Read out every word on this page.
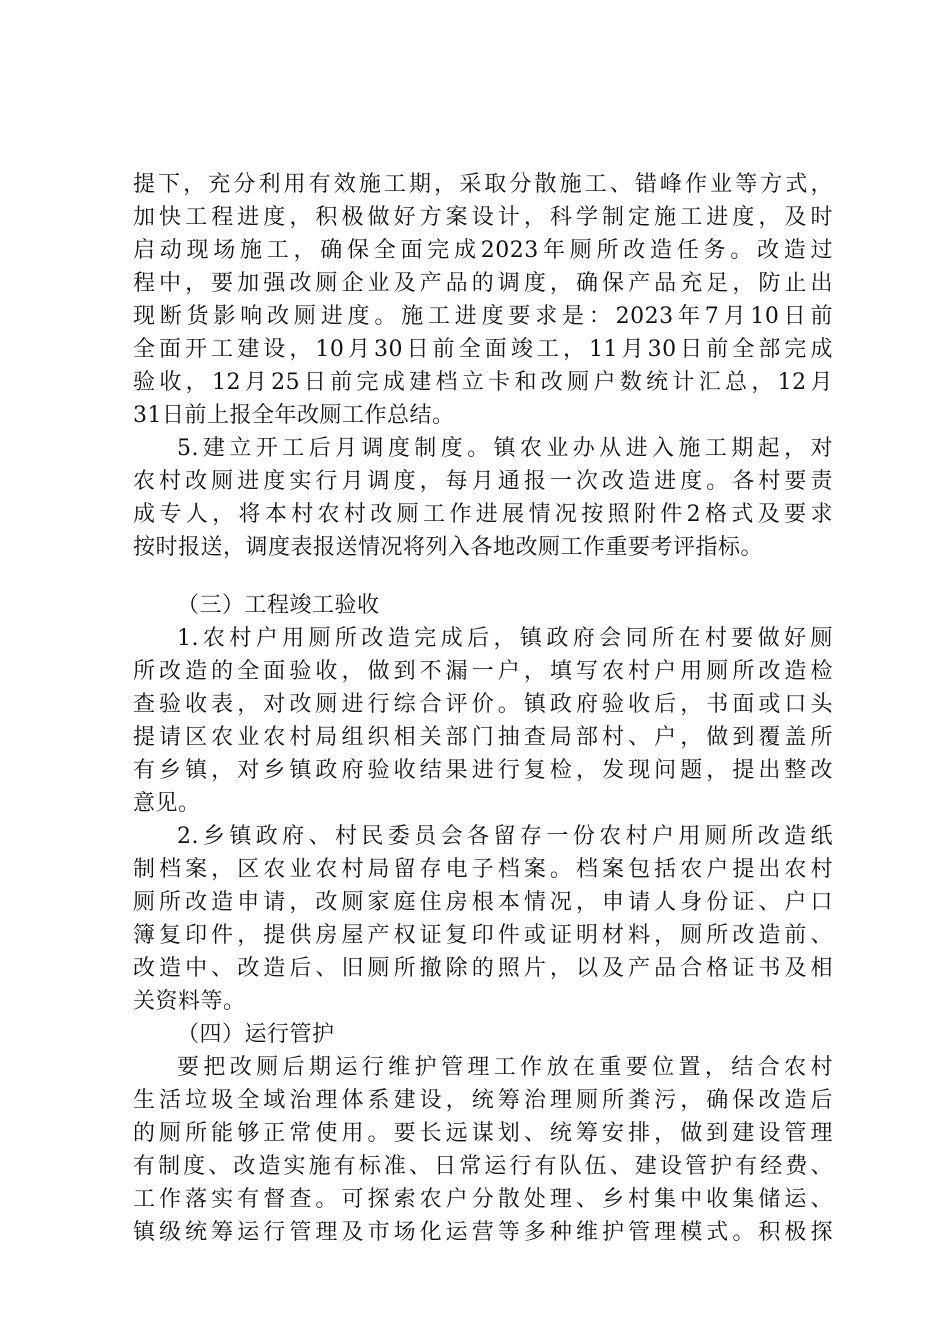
提下，充分利用有效施工期，采取分散施工、错峰作业等方式，
加快工程进度，积极做好方案设计，科学制定施工进度，及时
启动现场施工，确保全面完成2023年厕所改造任务。改造过
程中，要加强改厕企业及产品的调度，确保产品充足，防止出
现断货影响改厕进度。施工进度要求是：2023年7月10日前
全面开工建设，10月30日前全面竣工，11月30日前全部完成
验收，12月25日前完成建档立卡和改厕户数统计汇总，12月
31日前上报全年改厕工作总结。
5.建立开工后月调度制度。镇农业办从进入施工期起，对
农村改厕进度实行月调度，每月通报一次改造进度。各村要责
成专人，将本村农村改厕工作进展情况按照附件2格式及要求
按时报送，调度表报送情况将列入各地改厕工作重要考评指标。
（三）工程竣工验收
1.农村户用厕所改造完成后，镇政府会同所在村要做好厕
所改造的全面验收，做到不漏一户，填写农村户用厕所改造检
查验收表，对改厕进行综合评价。镇政府验收后，书面或口头
提请区农业农村局组织相关部门抽查局部村、户，做到覆盖所
有乡镇，对乡镇政府验收结果进行复检，发现问题，提出整改
意见。
2.乡镇政府、村民委员会各留存一份农村户用厕所改造纸
制档案，区农业农村局留存电子档案。档案包括农户提出农村
厕所改造申请，改厕家庭住房根本情况，申请人身份证、户口
簿复印件，提供房屋产权证复印件或证明材料，厕所改造前、
改造中、改造后、旧厕所撤除的照片，以及产品合格证书及相
关资料等。
（四）运行管护
要把改厕后期运行维护管理工作放在重要位置，结合农村
生活垃圾全域治理体系建设，统筹治理厕所粪污，确保改造后
的厕所能够正常使用。要长远谋划、统筹安排，做到建设管理
有制度、改造实施有标准、日常运行有队伍、建设管护有经费、
工作落实有督查。可探索农户分散处理、乡村集中收集储运、
镇级统筹运行管理及市场化运营等多种维护管理模式。积极探
